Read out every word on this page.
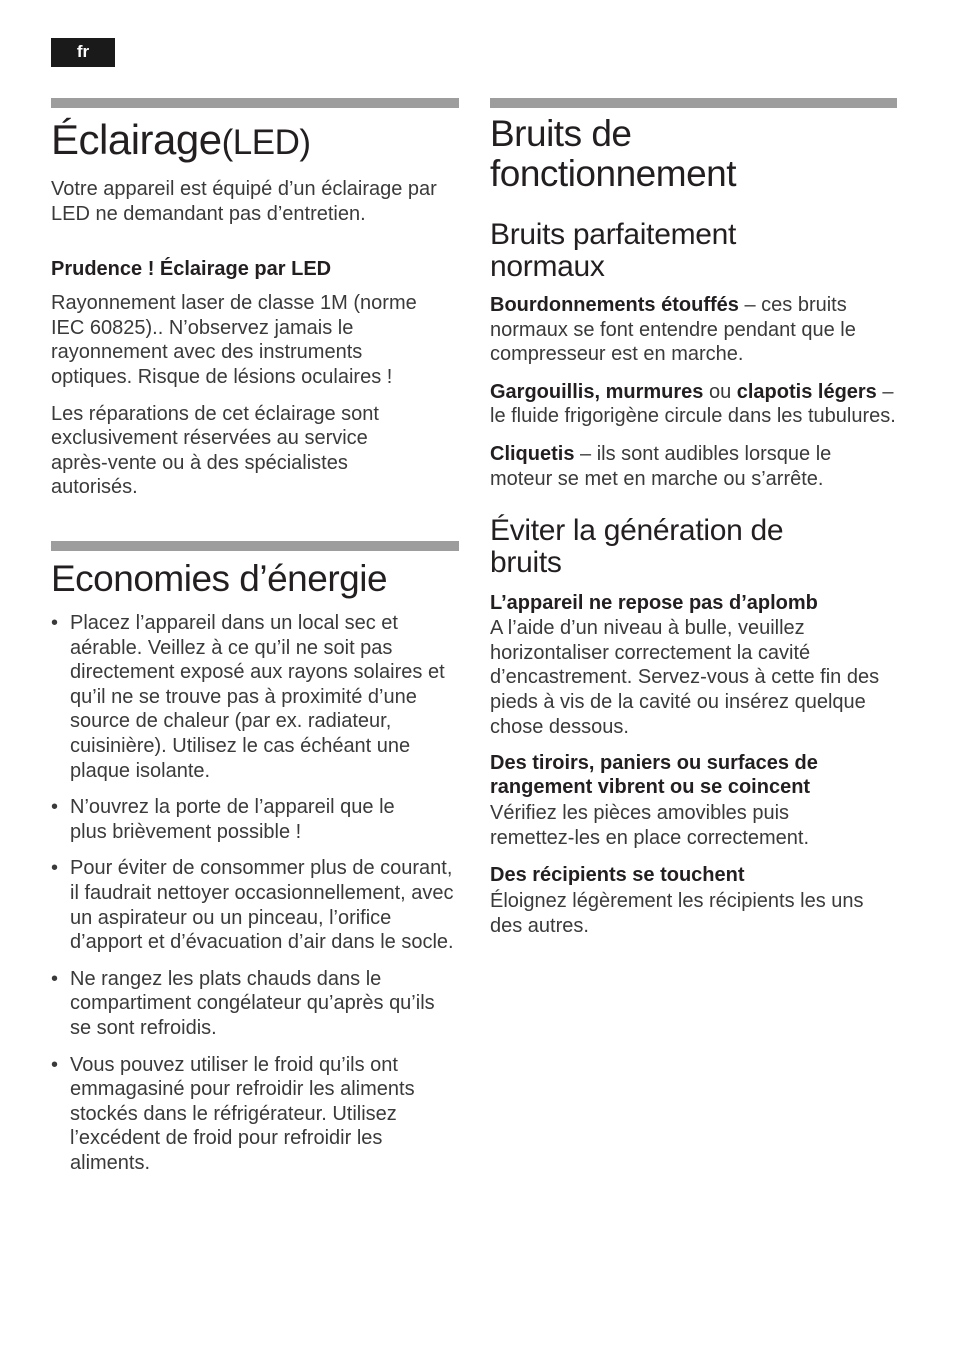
fr
Éclairage(LED)

Votre appareil est équipé d’un éclairage par LED ne demandant pas d’entretien.

Prudence ! Éclairage par LED

Rayonnement laser de classe 1M (norme IEC 60825).. N’observez jamais le rayonnement avec des instruments optiques. Risque de lésions oculaires !

Les réparations de cet éclairage sont exclusivement réservées au service après-vente ou à des spécialistes autorisés.

Economies d’énergie
• Placez l’appareil dans un local sec et aérable. Veillez à ce qu’il ne soit pas directement exposé aux rayons solaires et qu’il ne se trouve pas à proximité d’une source de chaleur (par ex. radiateur, cuisinière). Utilisez le cas échéant une plaque isolante.
• N’ouvrez la porte de l’appareil que le plus brièvement possible !
• Pour éviter de consommer plus de courant, il faudrait nettoyer occasionnellement, avec un aspirateur ou un pinceau, l’orifice d’apport et d’évacuation d’air dans le socle.
• Ne rangez les plats chauds dans le compartiment congélateur qu’après qu’ils se sont refroidis.
• Vous pouvez utiliser le froid qu’ils ont emmagasiné pour refroidir les aliments stockés dans le réfrigérateur. Utilisez l’excédent de froid pour refroidir les aliments.
Bruits de fonctionnement
Bruits parfaitement normaux

Bourdonnements étouffés – ces bruits normaux se font entendre pendant que le compresseur est en marche.

Gargouillis, murmures ou clapotis légers – le fluide frigorigène circule dans les tubulures.

Cliquetis – ils sont audibles lorsque le moteur se met en marche ou s’arrête.

Éviter la génération de bruits
L’appareil ne repose pas d’aplomb

A l’aide d’un niveau à bulle, veuillez horizontaliser correctement la cavité d’encastrement. Servez-vous à cette fin des pieds à vis de la cavité ou insérez quelque chose dessous.

Des tiroirs, paniers ou surfaces de rangement vibrent ou se coincent

Vérifiez les pièces amovibles puis remettez-les en place correctement.

Des récipients se touchent

Éloignez légèrement les récipients les uns des autres.
